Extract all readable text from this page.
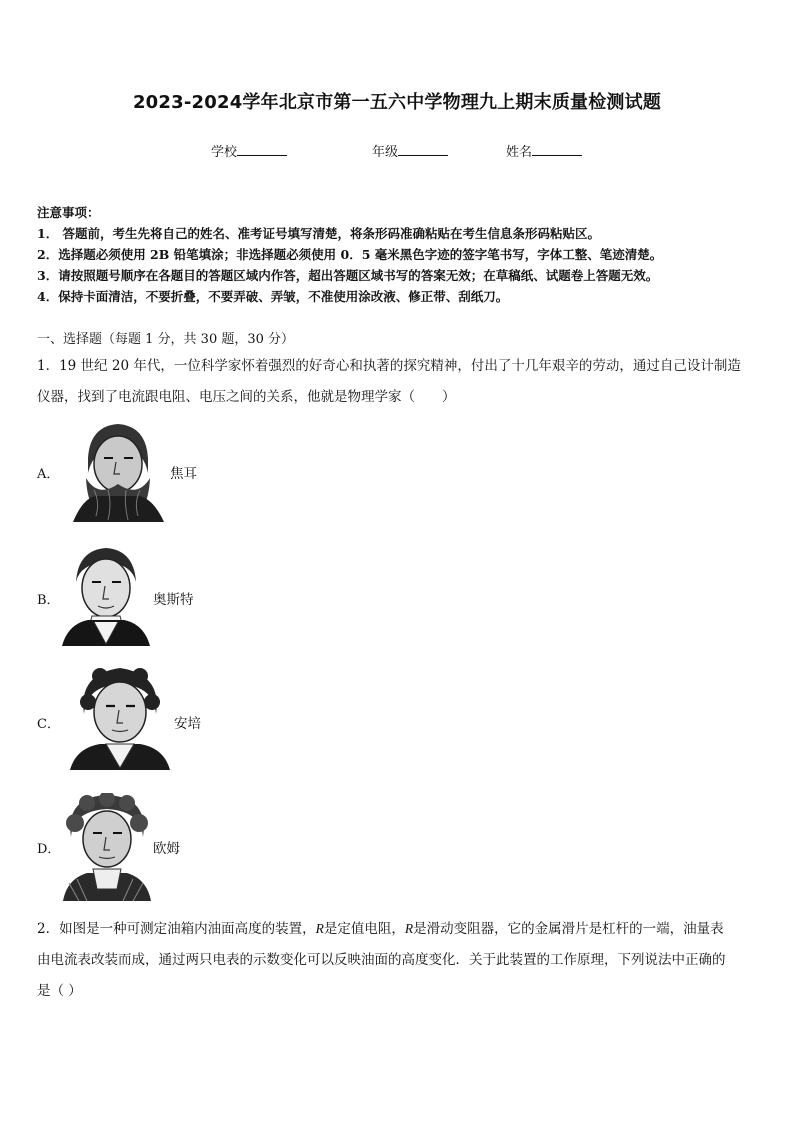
2023-2024学年北京市第一五六中学物理九上期末质量检测试题
学校	年级	姓名
注意事项：
1． 答题前，考生先将自己的姓名、准考证号填写清楚，将条形码准确粘贴在考生信息条形码粘贴区。
2．选择题必须使用 2B 铅笔填涂；非选择题必须使用 0．5 毫米黑色字迹的签字笔书写，字体工整、笔迹清楚。
3．请按照题号顺序在各题目的答题区域内作答，超出答题区域书写的答案无效；在草稿纸、试题卷上答题无效。
4．保持卡面清洁，不要折叠，不要弄破、弄皱，不准使用涂改液、修正带、刮纸刀。
一、选择题（每题 1 分，共 30 题，30 分）
1．19 世纪 20 年代，一位科学家怀着强烈的好奇心和执著的探究精神，付出了十几年艰辛的劳动，通过自己设计制造
仪器，找到了电流跟电阻、电压之间的关系，他就是物理学家（　　）
A．	焦耳
B．	奥斯特
C．	安培
D．	欧姆
2．如图是一种可测定油箱内油面高度的装置，R是定值电阻，R是滑动变阻器，它的金属滑片是杠杆的一端，油量表
由电流表改装而成，通过两只电表的示数变化可以反映油面的高度变化．关于此装置的工作原理，下列说法中正确的
是（ ）
